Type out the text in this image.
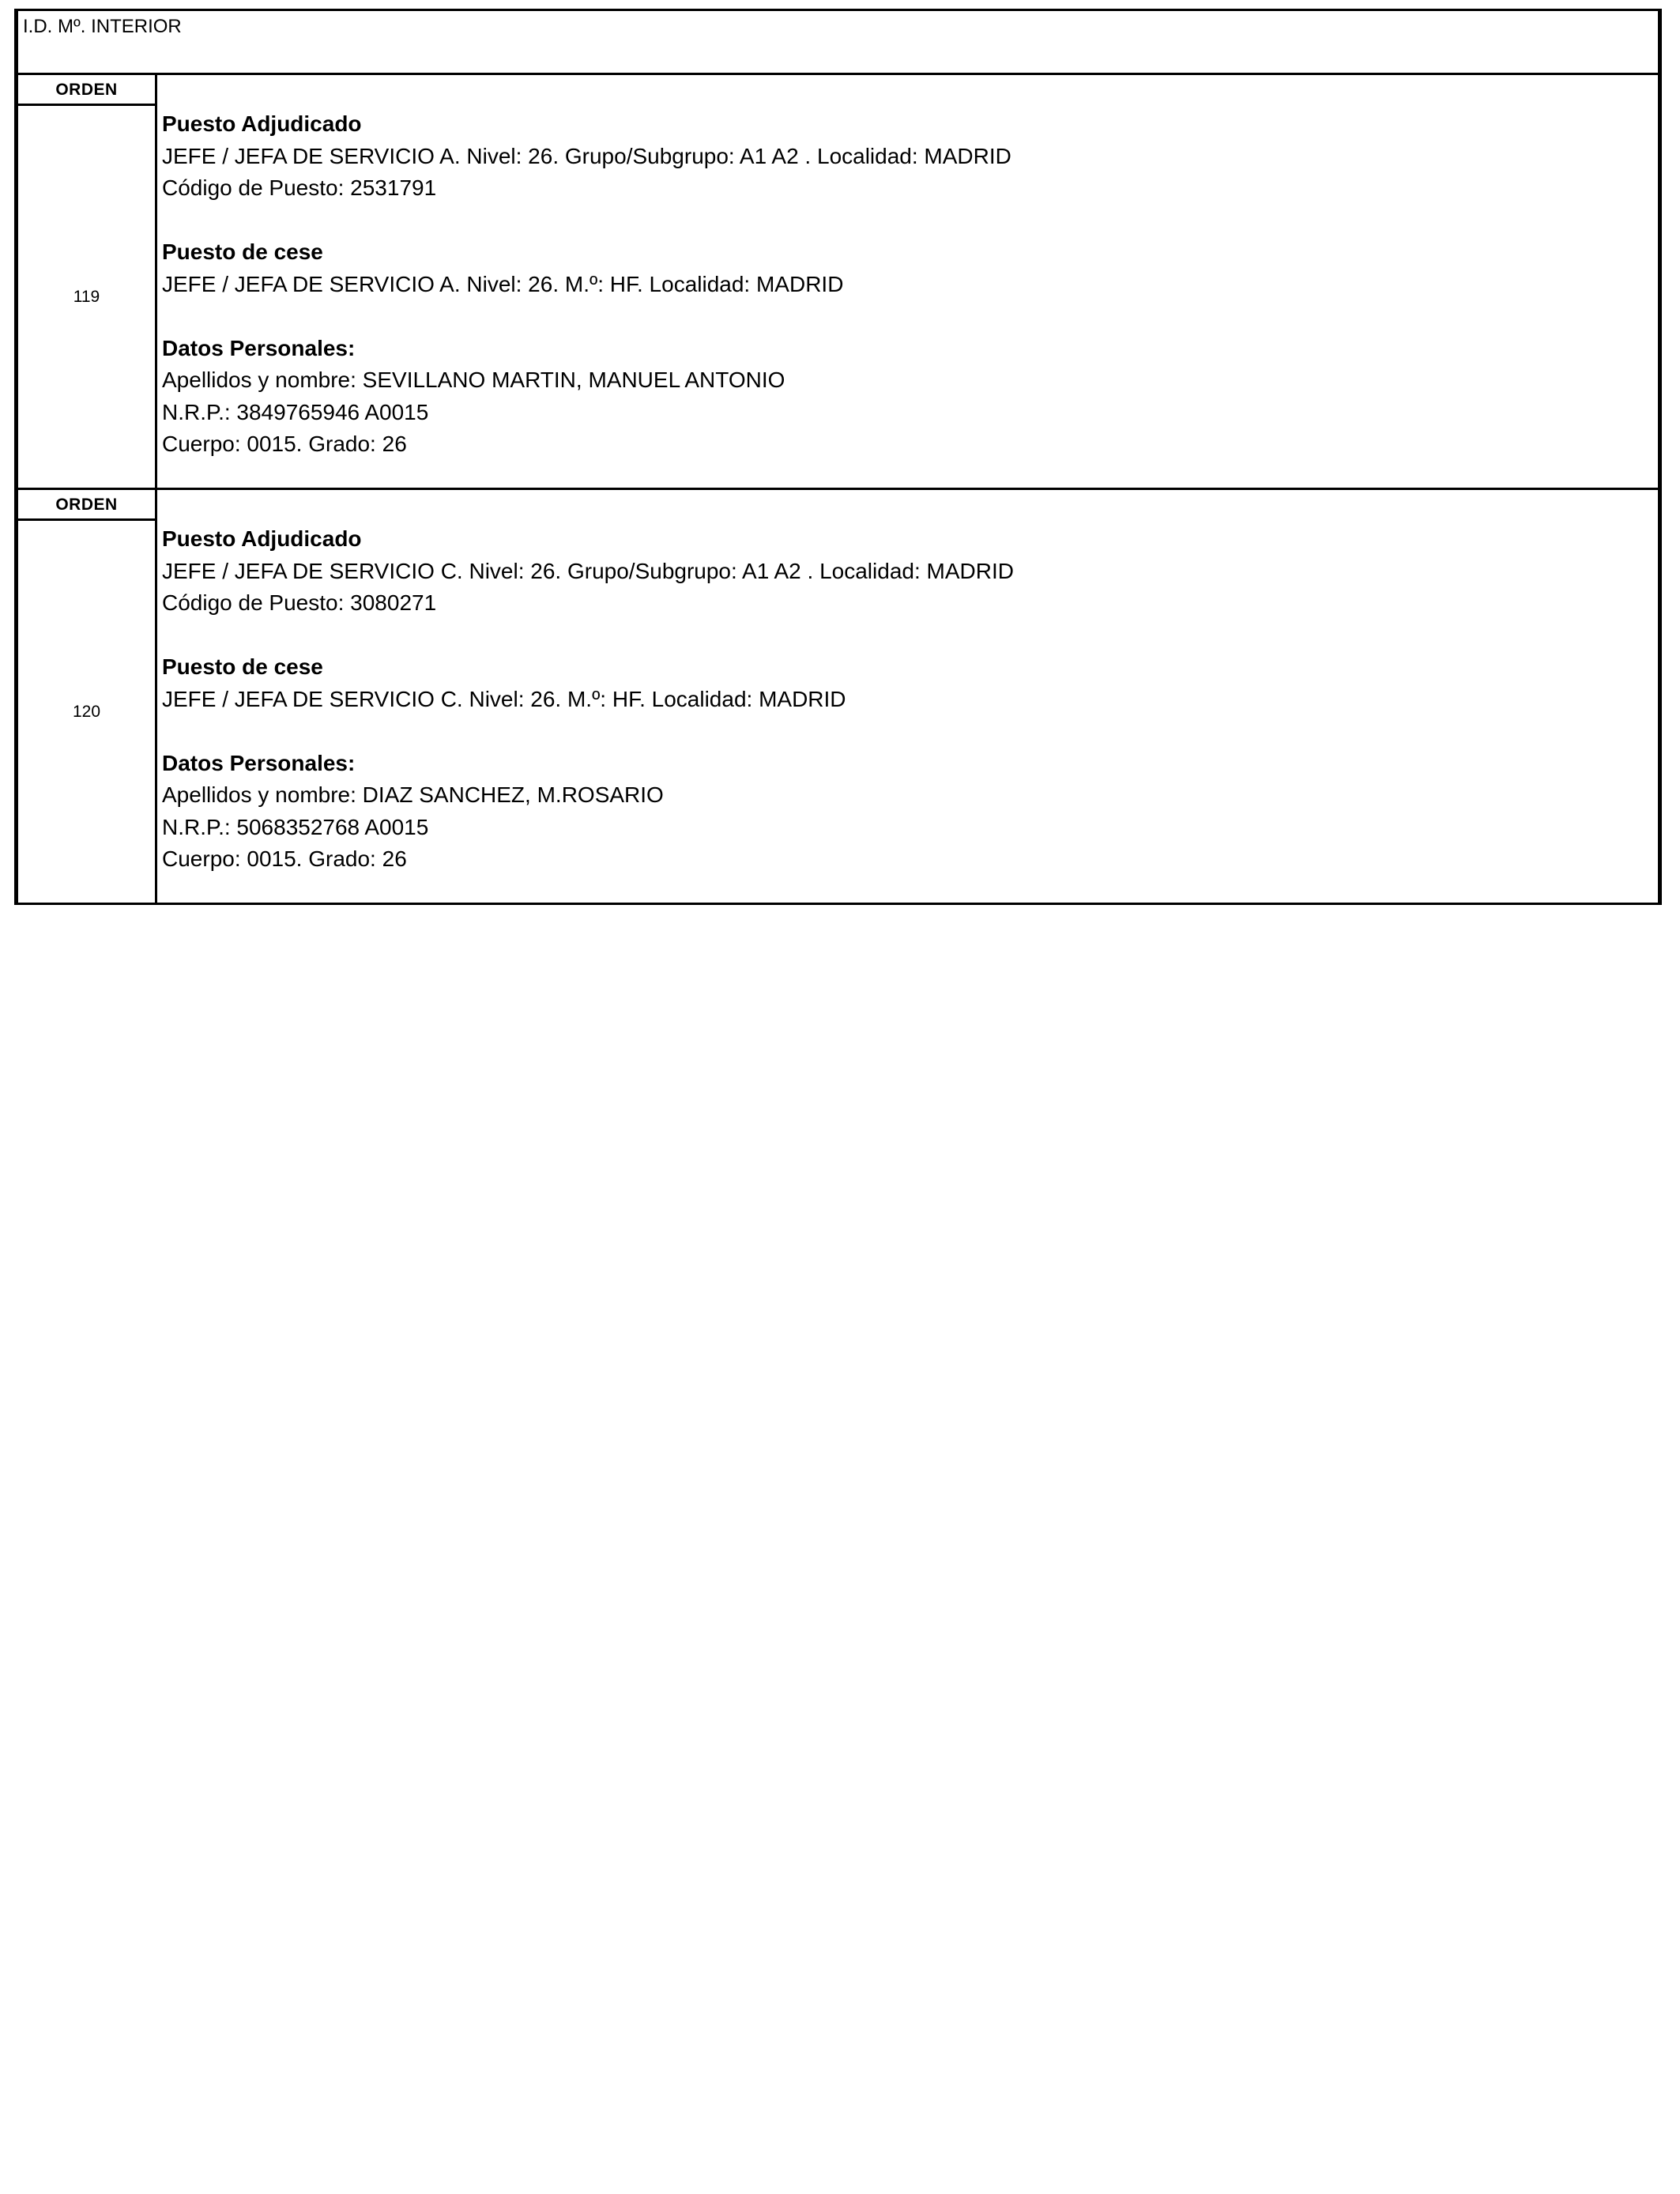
I.D. Mº. INTERIOR
ORDEN
119
Puesto Adjudicado
JEFE / JEFA DE SERVICIO A. Nivel: 26. Grupo/Subgrupo: A1 A2 . Localidad: MADRID
Código de Puesto: 2531791
Puesto de cese
JEFE / JEFA DE SERVICIO A. Nivel: 26. M.º: HF. Localidad: MADRID
Datos Personales:
Apellidos y nombre: SEVILLANO MARTIN, MANUEL ANTONIO
N.R.P.: 3849765946 A0015
Cuerpo: 0015. Grado: 26
ORDEN
120
Puesto Adjudicado
JEFE / JEFA DE SERVICIO C. Nivel: 26. Grupo/Subgrupo: A1 A2 . Localidad: MADRID
Código de Puesto: 3080271
Puesto de cese
JEFE / JEFA DE SERVICIO C. Nivel: 26. M.º: HF. Localidad: MADRID
Datos Personales:
Apellidos y nombre: DIAZ SANCHEZ, M.ROSARIO
N.R.P.: 5068352768 A0015
Cuerpo: 0015. Grado: 26
